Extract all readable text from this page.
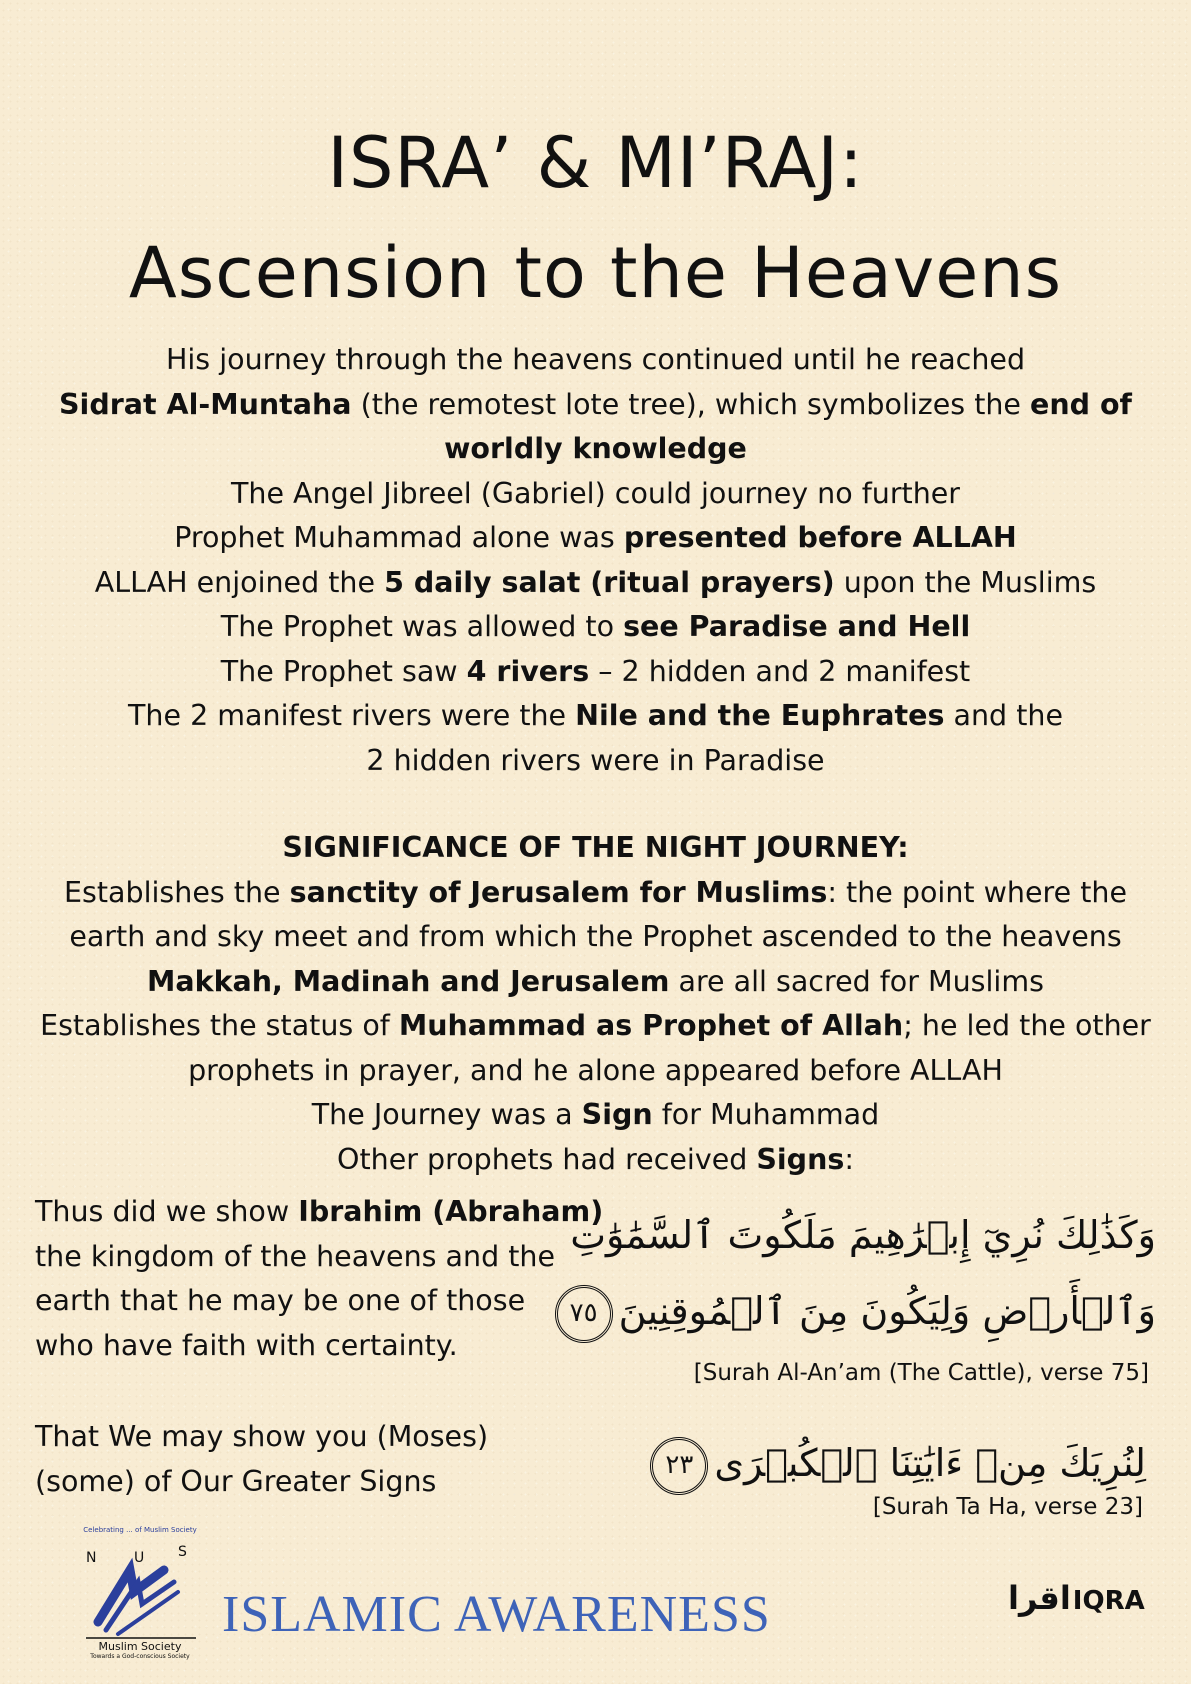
ISRA’ & MI’RAJ:
Ascension to the Heavens

His journey through the heavens continued until he reached

Sidrat Al-Muntaha (the remotest lote tree), which symbolizes the end of

worldly knowledge

The Angel Jibreel (Gabriel) could journey no further

Prophet Muhammad alone was presented before ALLAH

ALLAH enjoined the 5 daily salat (ritual prayers) upon the Muslims

The Prophet was allowed to see Paradise and Hell

The Prophet saw 4 rivers – 2 hidden and 2 manifest

The 2 manifest rivers were the Nile and the Euphrates and the

2 hidden rivers were in Paradise

SIGNIFICANCE OF THE NIGHT JOURNEY:

Establishes the sanctity of Jerusalem for Muslims: the point where the

earth and sky meet and from which the Prophet ascended to the heavens

Makkah, Madinah and Jerusalem are all sacred for Muslims

Establishes the status of Muhammad as Prophet of Allah; he led the other

prophets in prayer, and he alone appeared before ALLAH

The Journey was a Sign for Muhammad

Other prophets had received Signs:

Thus did we show Ibrahim (Abraham)
the kingdom of the heavens and the
earth that he may be one of those
who have faith with certainty.
وَكَذَٰلِكَ نُرِيٓ إِبۡرَٰهِيمَ مَلَكُوتَ ٱلسَّمَٰوَٰتِ
وَٱلۡأَرۡضِ وَلِيَكُونَ مِنَ ٱلۡمُوقِنِينَ٧٥
[Surah Al-An’am (The Cattle), verse 75]
That We may show you (Moses)
(some) of Our Greater Signs	لِنُرِيَكَ مِنۡ ءَايَٰتِنَا ٱلۡكُبۡرَى٢٣
[Surah Ta Ha, verse 23]
Celebrating ... of Muslim Society
N	U S
Muslim Society
Towards a God-conscious Society
ISLAMIC AWARENESS	اقراIQRA
